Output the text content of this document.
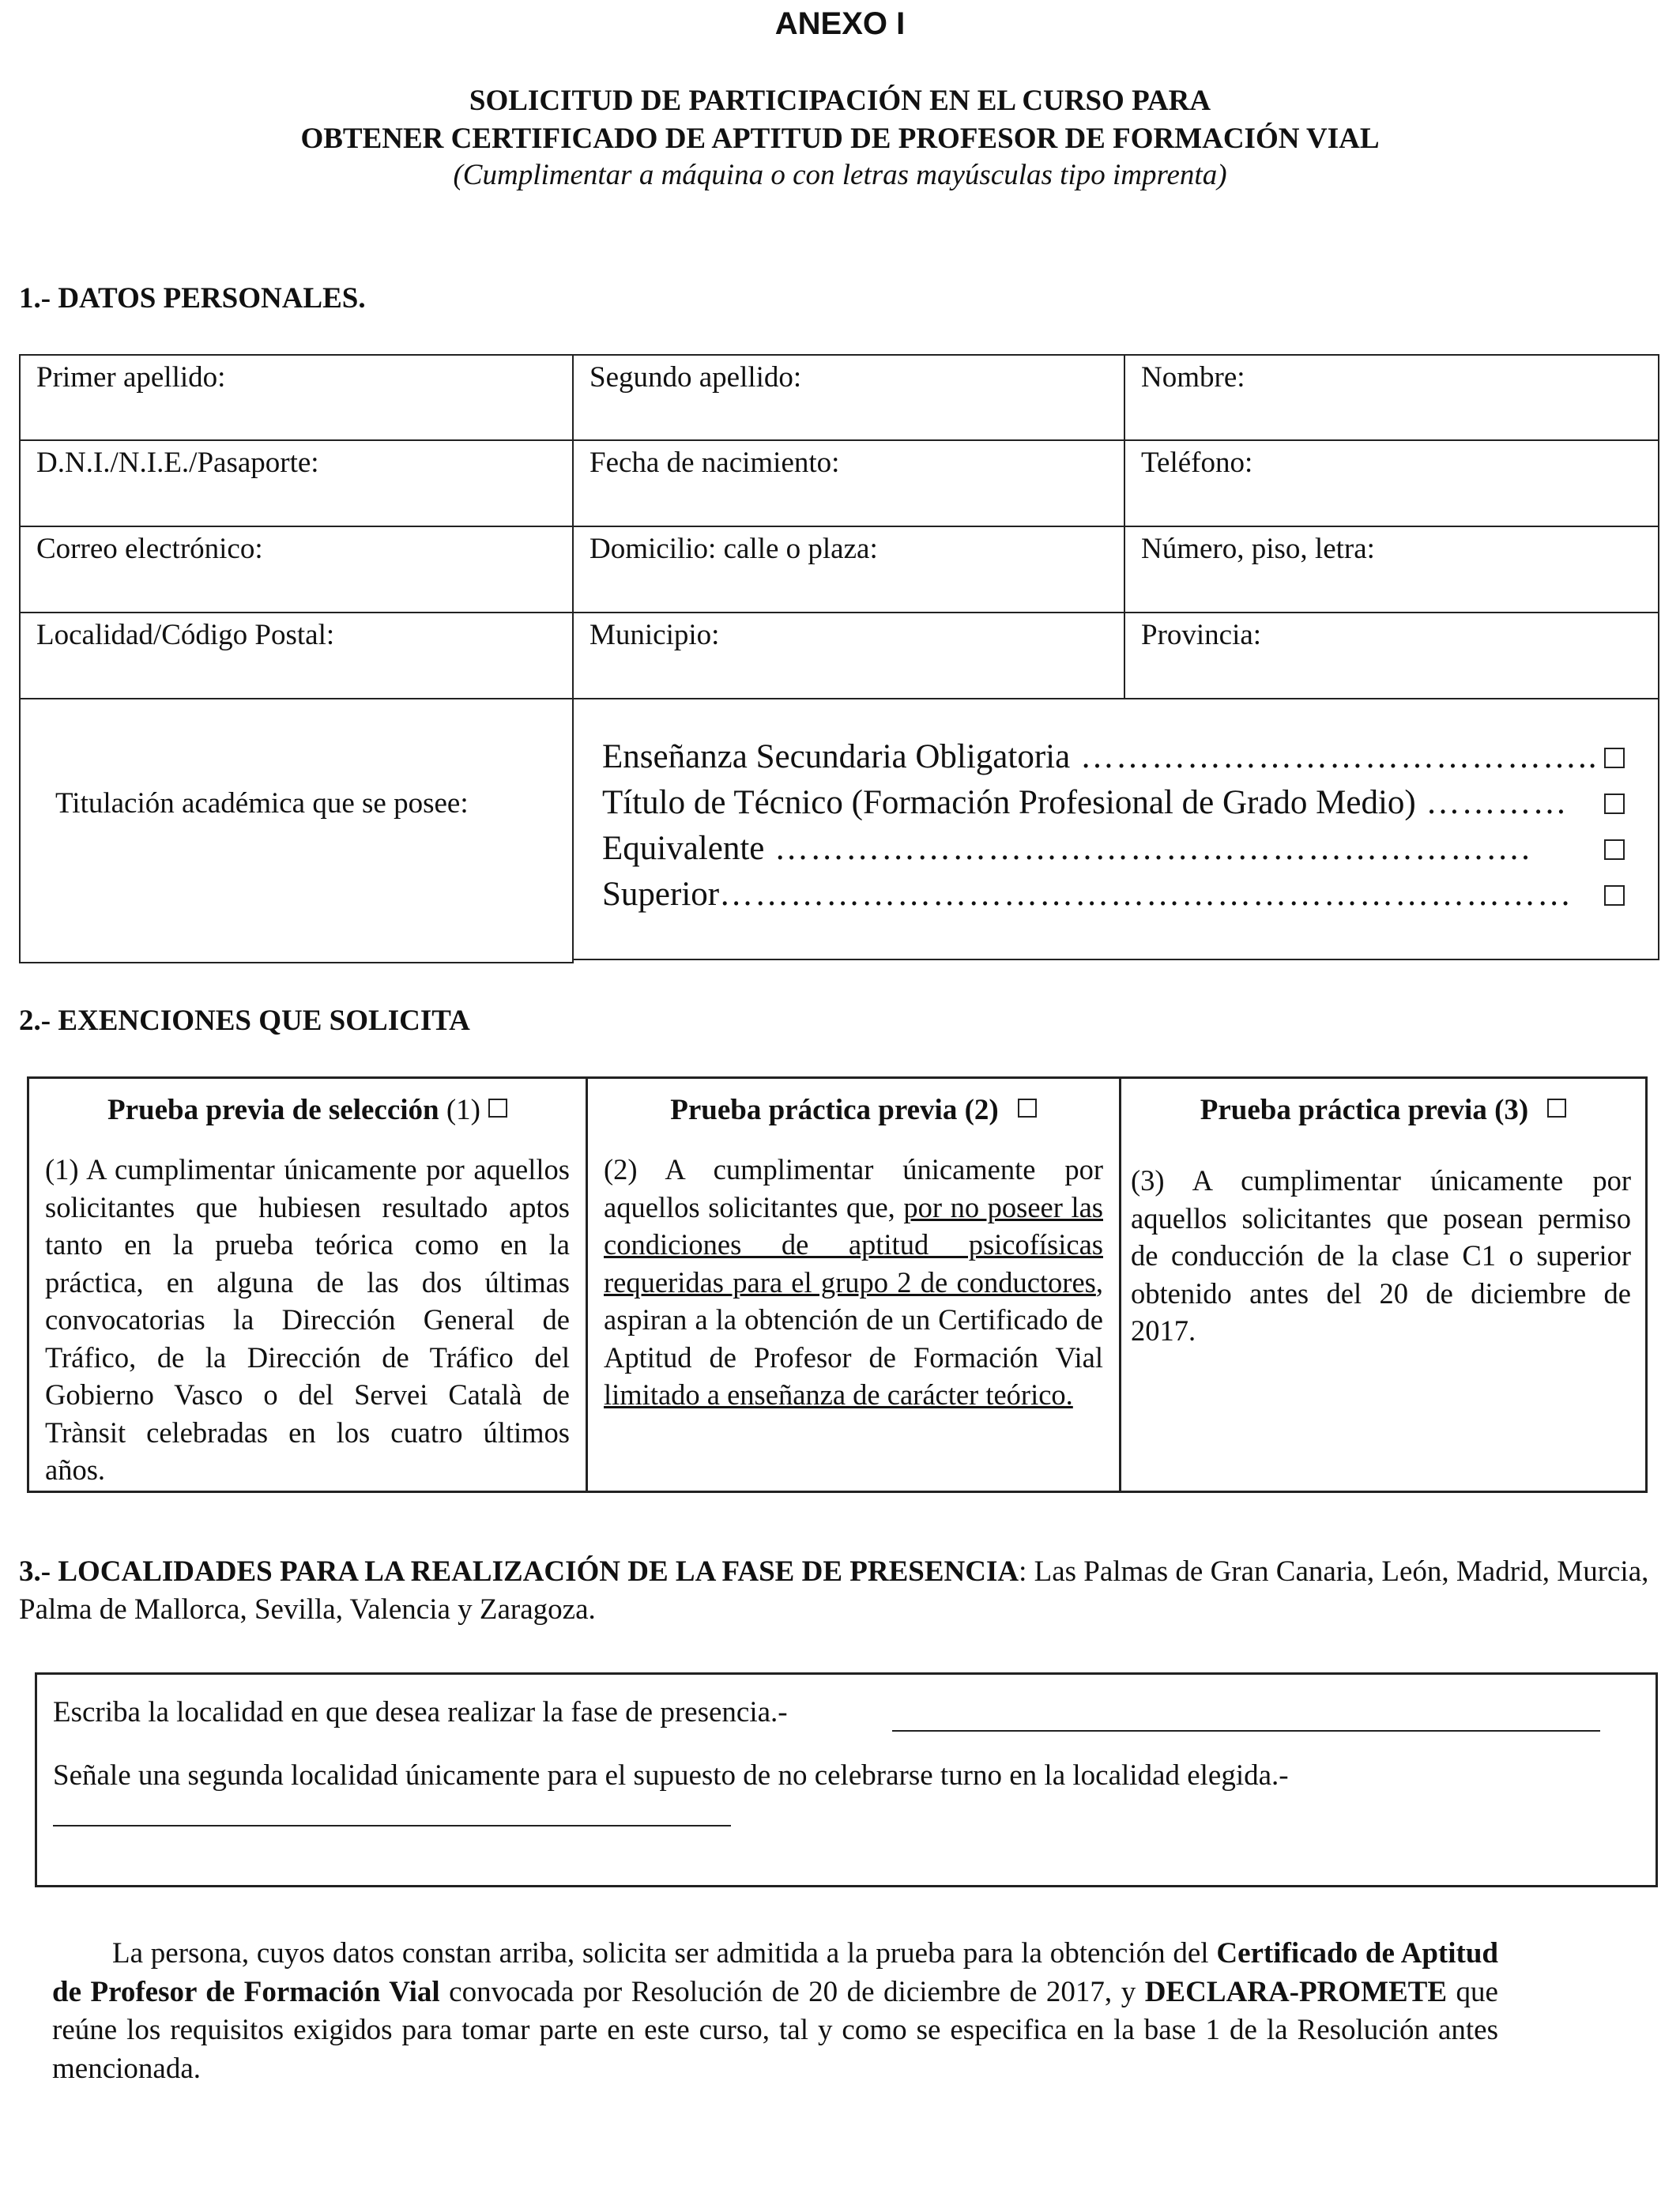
ANEXO I
SOLICITUD DE PARTICIPACIÓN EN EL CURSO PARA
OBTENER CERTIFICADO DE APTITUD DE PROFESOR DE FORMACIÓN VIAL
(Cumplimentar a máquina o con letras mayúsculas tipo imprenta)
1.- DATOS PERSONALES.
Primer apellido:	Segundo apellido:	Nombre:
D.N.I./N.I.E./Pasaporte:	Fecha de nacimiento:	Teléfono:
Correo electrónico:	Domicilio: calle o plaza:	Número, piso, letra:
Localidad/Código Postal:	Municipio:	Provincia:
Titulación académica que se posee:
Enseñanza Secundaria Obligatoria ……………………………………..
Título de Técnico (Formación Profesional de Grado Medio) …………
Equivalente ……………………………………………………….
Superior………………………………………………………………
2.- EXENCIONES QUE SOLICITA
Prueba previa de selección (1)
(1) A cumplimentar únicamente por aquellos solicitantes que hubiesen resultado aptos tanto en la prueba teórica como en la práctica, en alguna de las dos últimas convocatorias la Dirección General de Tráfico, de la Dirección de Tráfico del Gobierno Vasco o del Servei Català de Trànsit celebradas en los cuatro últimos años.
Prueba práctica previa (2)
(2) A cumplimentar únicamente por aquellos solicitantes que, por no poseer las condiciones de aptitud psicofísicas requeridas para el grupo 2 de conductores, aspiran a la obtención de un Certificado de Aptitud de Profesor de Formación Vial limitado a enseñanza de carácter teórico.
Prueba práctica previa (3)
(3) A cumplimentar únicamente por aquellos solicitantes que posean permiso de conducción de la clase C1 o superior obtenido antes del 20 de diciembre de 2017.
3.- LOCALIDADES PARA LA REALIZACIÓN DE LA FASE DE PRESENCIA: Las Palmas de Gran Canaria, León, Madrid, Murcia, Palma de Mallorca, Sevilla, Valencia y Zaragoza.
Escriba la localidad en que desea realizar la fase de presencia.-
Señale una segunda localidad únicamente para el supuesto de no celebrarse turno en la localidad elegida.-
La persona, cuyos datos constan arriba, solicita ser admitida a la prueba para la obtención del Certificado de Aptitud de Profesor de Formación Vial convocada por Resolución de 20 de diciembre de 2017, y DECLARA-PROMETE que reúne los requisitos exigidos para tomar parte en este curso, tal y como se especifica en la base 1 de la Resolución antes mencionada.
